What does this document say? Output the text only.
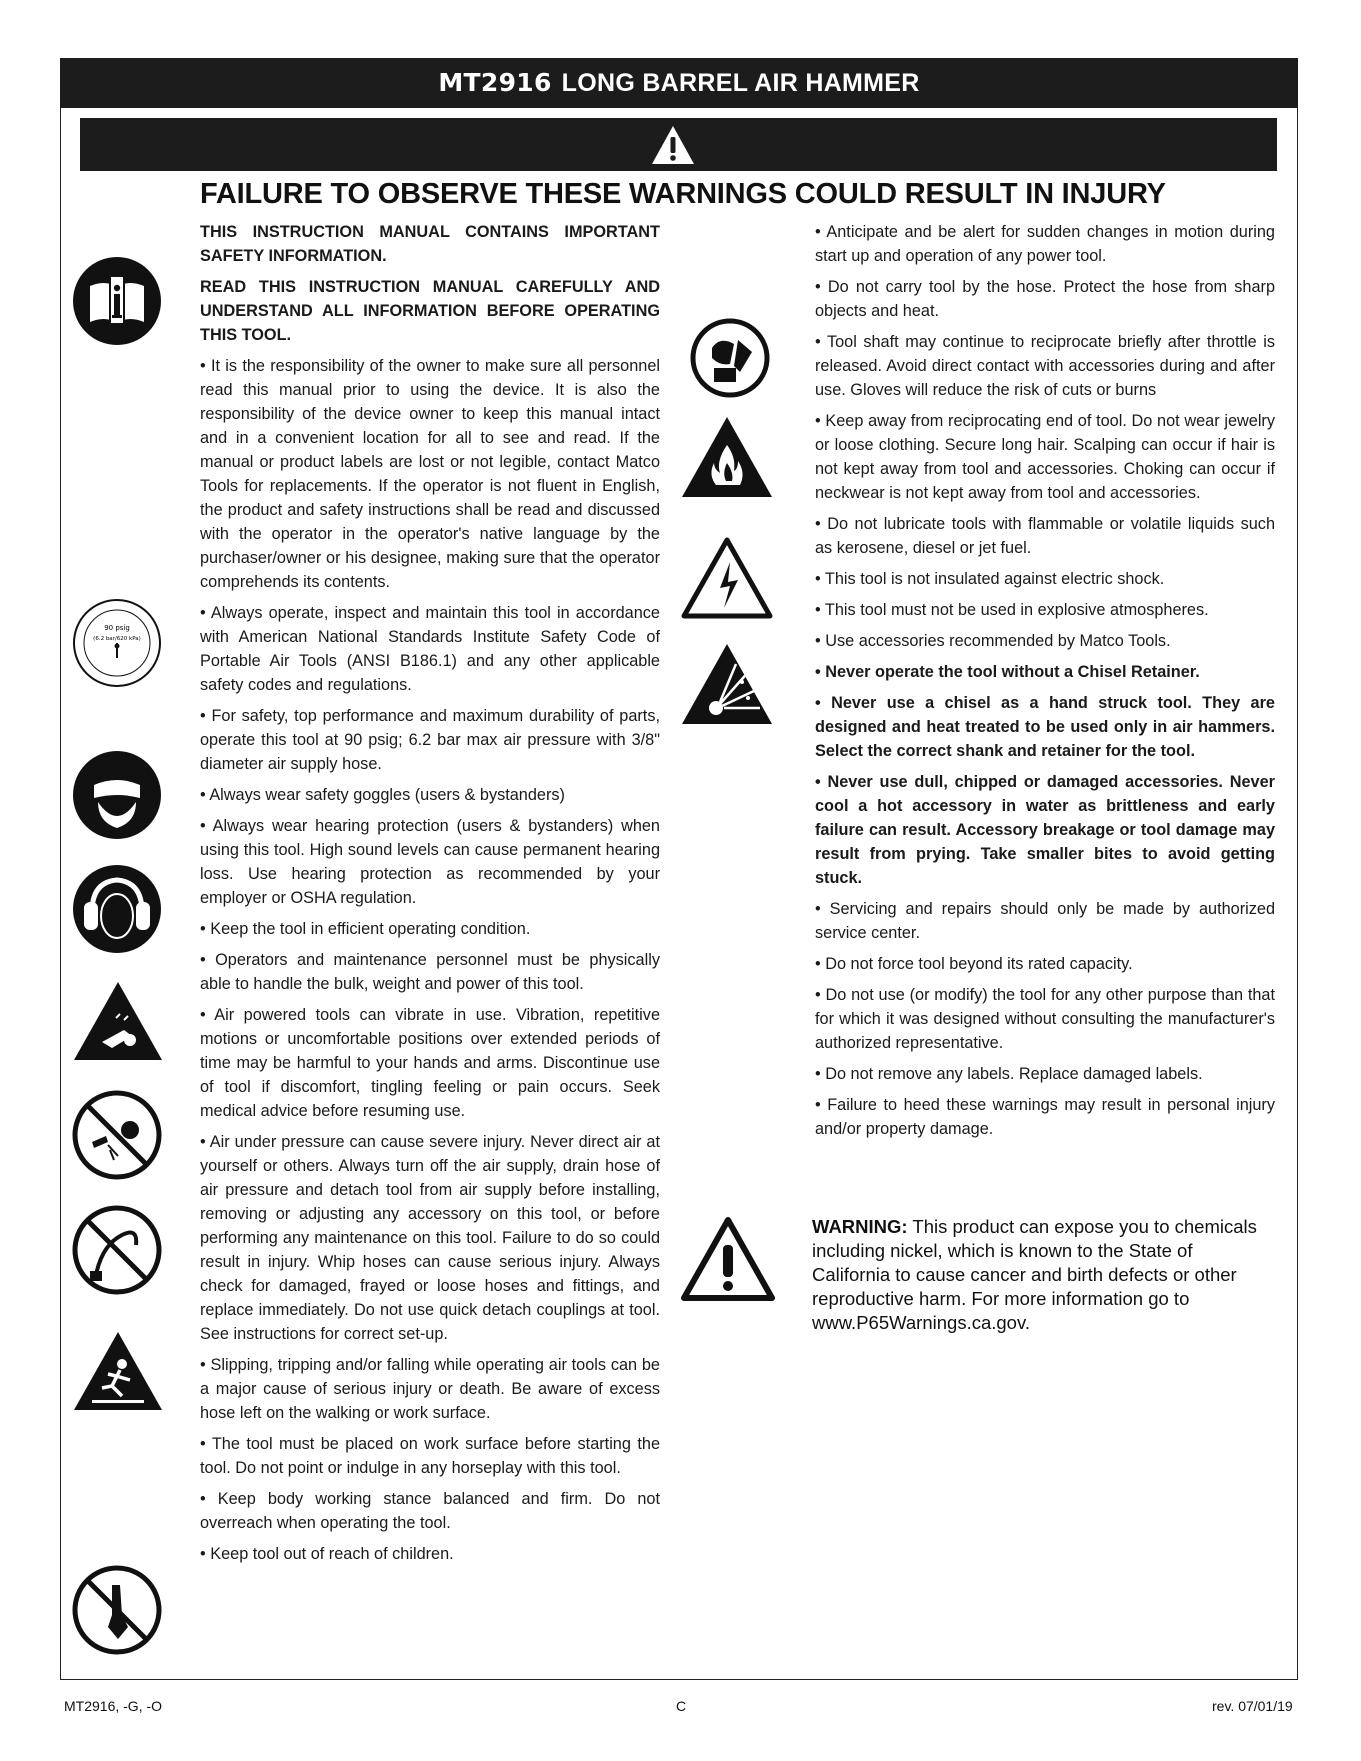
MT2916 LONG BARREL AIR HAMMER
FAILURE TO OBSERVE THESE WARNINGS COULD RESULT IN INJURY

THIS INSTRUCTION MANUAL CONTAINS IMPORTANT SAFETY INFORMATION.

READ THIS INSTRUCTION MANUAL CAREFULLY AND UNDERSTAND ALL INFORMATION BEFORE OPERATING THIS TOOL.

• It is the responsibility of the owner to make sure all personnel read this manual prior to using the device. It is also the responsibility of the device owner to keep this manual intact and in a convenient location for all to see and read. If the manual or product labels are lost or not legible, contact Matco Tools for replacements. If the operator is not fluent in English, the product and safety instructions shall be read and discussed with the operator in the operator's native language by the purchaser/owner or his designee, making sure that the operator comprehends its contents.

• Always operate, inspect and maintain this tool in accordance with American National Standards Institute Safety Code of Portable Air Tools (ANSI B186.1) and any other applicable safety codes and regulations.

• For safety, top performance and maximum durability of parts, operate this tool at 90 psig; 6.2 bar max air pressure with 3/8" diameter air supply hose.

• Always wear safety goggles (users & bystanders)

• Always wear hearing protection (users & bystanders) when using this tool. High sound levels can cause permanent hearing loss. Use hearing protection as recommended by your employer or OSHA regulation.

• Keep the tool in efficient operating condition.

• Operators and maintenance personnel must be physically able to handle the bulk, weight and power of this tool.

• Air powered tools can vibrate in use. Vibration, repetitive motions or uncomfortable positions over extended periods of time may be harmful to your hands and arms. Discontinue use of tool if discomfort, tingling feeling or pain occurs. Seek medical advice before resuming use.

• Air under pressure can cause severe injury. Never direct air at yourself or others. Always turn off the air supply, drain hose of air pressure and detach tool from air supply before installing, removing or adjusting any accessory on this tool, or before performing any maintenance on this tool. Failure to do so could result in injury. Whip hoses can cause serious injury. Always check for damaged, frayed or loose hoses and fittings, and replace immediately. Do not use quick detach couplings at tool. See instructions for correct set-up.

• Slipping, tripping and/or falling while operating air tools can be a major cause of serious injury or death. Be aware of excess hose left on the walking or work surface.

• The tool must be placed on work surface before starting the tool. Do not point or indulge in any horseplay with this tool.

• Keep body working stance balanced and firm. Do not overreach when operating the tool.

• Keep tool out of reach of children.

• Anticipate and be alert for sudden changes in motion during start up and operation of any power tool.

• Do not carry tool by the hose. Protect the hose from sharp objects and heat.

• Tool shaft may continue to reciprocate briefly after throttle is released. Avoid direct contact with accessories during and after use. Gloves will reduce the risk of cuts or burns

• Keep away from reciprocating end of tool. Do not wear jewelry or loose clothing. Secure long hair. Scalping can occur if hair is not kept away from tool and accessories. Choking can occur if neckwear is not kept away from tool and accessories.

• Do not lubricate tools with flammable or volatile liquids such as kerosene, diesel or jet fuel.

• This tool is not insulated against electric shock.

• This tool must not be used in explosive atmospheres.

• Use accessories recommended by Matco Tools.

• Never operate the tool without a Chisel Retainer.

• Never use a chisel as a hand struck tool. They are designed and heat treated to be used only in air hammers. Select the correct shank and retainer for the tool.

• Never use dull, chipped or damaged accessories. Never cool a hot accessory in water as brittleness and early failure can result. Accessory breakage or tool damage may result from prying. Take smaller bites to avoid getting stuck.

• Servicing and repairs should only be made by authorized service center.

• Do not force tool beyond its rated capacity.

• Do not use (or modify) the tool for any other purpose than that for which it was designed without consulting the manufacturer's authorized representative.

• Do not remove any labels. Replace damaged labels.

• Failure to heed these warnings may result in personal injury and/or property damage.

WARNING: This product can expose you to chemicals including nickel, which is known to the State of California to cause cancer and birth defects or other reproductive harm. For more information go to www.P65Warnings.ca.gov.
90 psig
(6.2 bar/620 kPa)
MT2916, -G, -O	C	rev. 07/01/19
